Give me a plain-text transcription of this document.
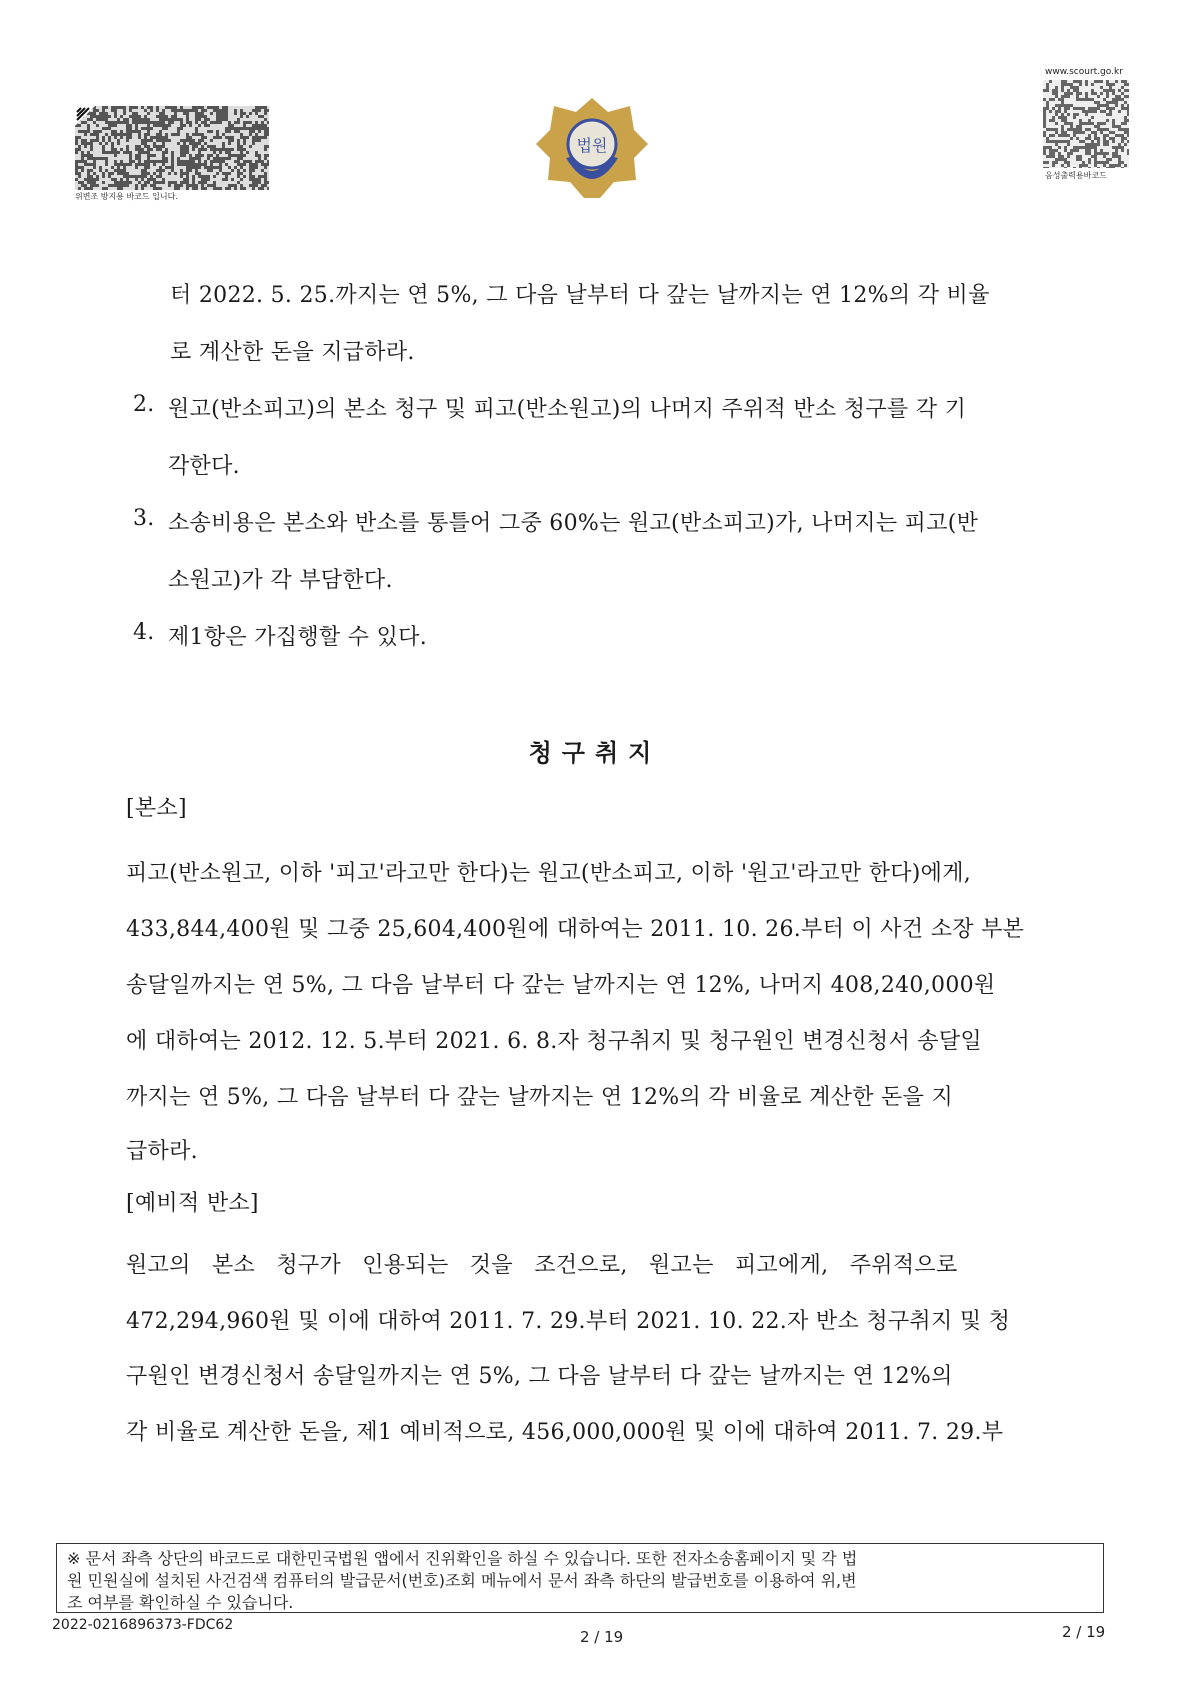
위변조 방지용 바코드 입니다.
법원
www.scourt.go.kr
음성출력용바코드
터 2022. 5. 25.까지는 연 5%, 그 다음 날부터 다 갚는 날까지는 연 12%의 각 비율
로 계산한 돈을 지급하라.
2. 원고(반소피고)의 본소 청구 및 피고(반소원고)의 나머지 주위적 반소 청구를 각 기
각한다.
3. 소송비용은 본소와 반소를 통틀어 그중 60%는 원고(반소피고)가, 나머지는 피고(반
소원고)가 각 부담한다.
4. 제1항은 가집행할 수 있다.
청구취지
[본소]
피고(반소원고, 이하 '피고'라고만 한다)는 원고(반소피고, 이하 '원고'라고만 한다)에게,
433,844,400원 및 그중 25,604,400원에 대하여는 2011. 10. 26.부터 이 사건 소장 부본
송달일까지는 연 5%, 그 다음 날부터 다 갚는 날까지는 연 12%, 나머지 408,240,000원
에 대하여는 2012. 12. 5.부터 2021. 6. 8.자 청구취지 및 청구원인 변경신청서 송달일
까지는 연 5%, 그 다음 날부터 다 갚는 날까지는 연 12%의 각 비율로 계산한 돈을 지
급하라.
[예비적 반소]
원고의 본소 청구가 인용되는 것을 조건으로, 원고는 피고에게, 주위적으로
472,294,960원 및 이에 대하여 2011. 7. 29.부터 2021. 10. 22.자 반소 청구취지 및 청
구원인 변경신청서 송달일까지는 연 5%, 그 다음 날부터 다 갚는 날까지는 연 12%의
각 비율로 계산한 돈을, 제1 예비적으로, 456,000,000원 및 이에 대하여 2011. 7. 29.부
※ 문서 좌측 상단의 바코드로 대한민국법원 앱에서 진위확인을 하실 수 있습니다. 또한 전자소송홈페이지 및 각 법
원 민원실에 설치된 사건검색 컴퓨터의 발급문서(번호)조회 메뉴에서 문서 좌측 하단의 발급번호를 이용하여 위,변
조 여부를 확인하실 수 있습니다.
2022-0216896373-FDC62
2 / 19	2 / 19
